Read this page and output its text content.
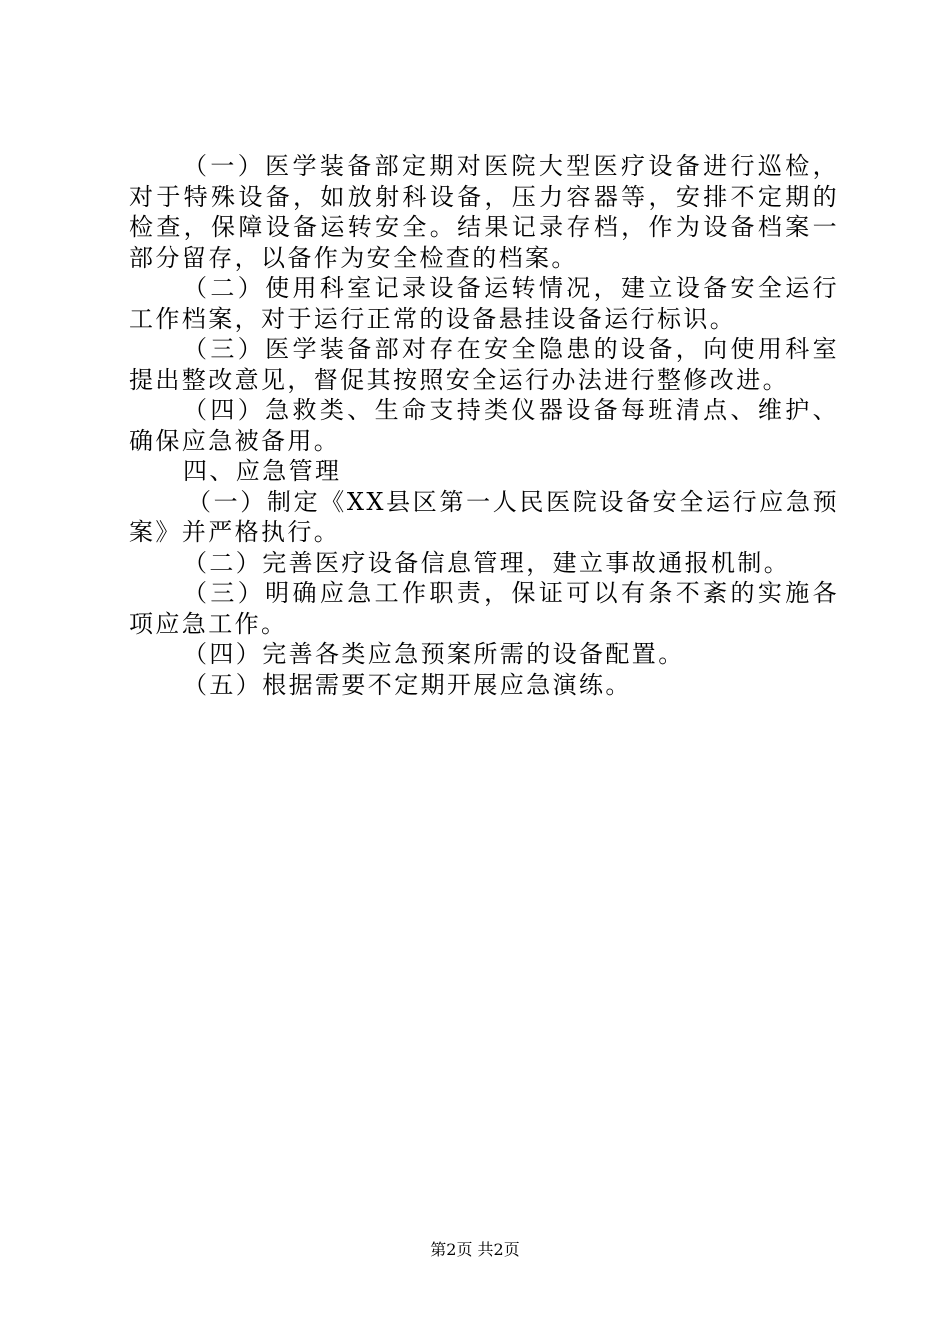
（一）医学装备部定期对医院大型医疗设备进行巡检，对于特殊设备，如放射科设备，压力容器等，安排不定期的检查，保障设备运转安全。结果记录存档，作为设备档案一部分留存，以备作为安全检查的档案。

（二）使用科室记录设备运转情况，建立设备安全运行工作档案，对于运行正常的设备悬挂设备运行标识。

（三）医学装备部对存在安全隐患的设备，向使用科室提出整改意见，督促其按照安全运行办法进行整修改进。

（四）急救类、生命支持类仪器设备每班清点、维护、确保应急被备用。

四、应急管理

（一）制定《XX县区第一人民医院设备安全运行应急预案》并严格执行。

（二）完善医疗设备信息管理，建立事故通报机制。

（三）明确应急工作职责，保证可以有条不紊的实施各项应急工作。

（四）完善各类应急预案所需的设备配置。

（五）根据需要不定期开展应急演练。

第2页 共2页
